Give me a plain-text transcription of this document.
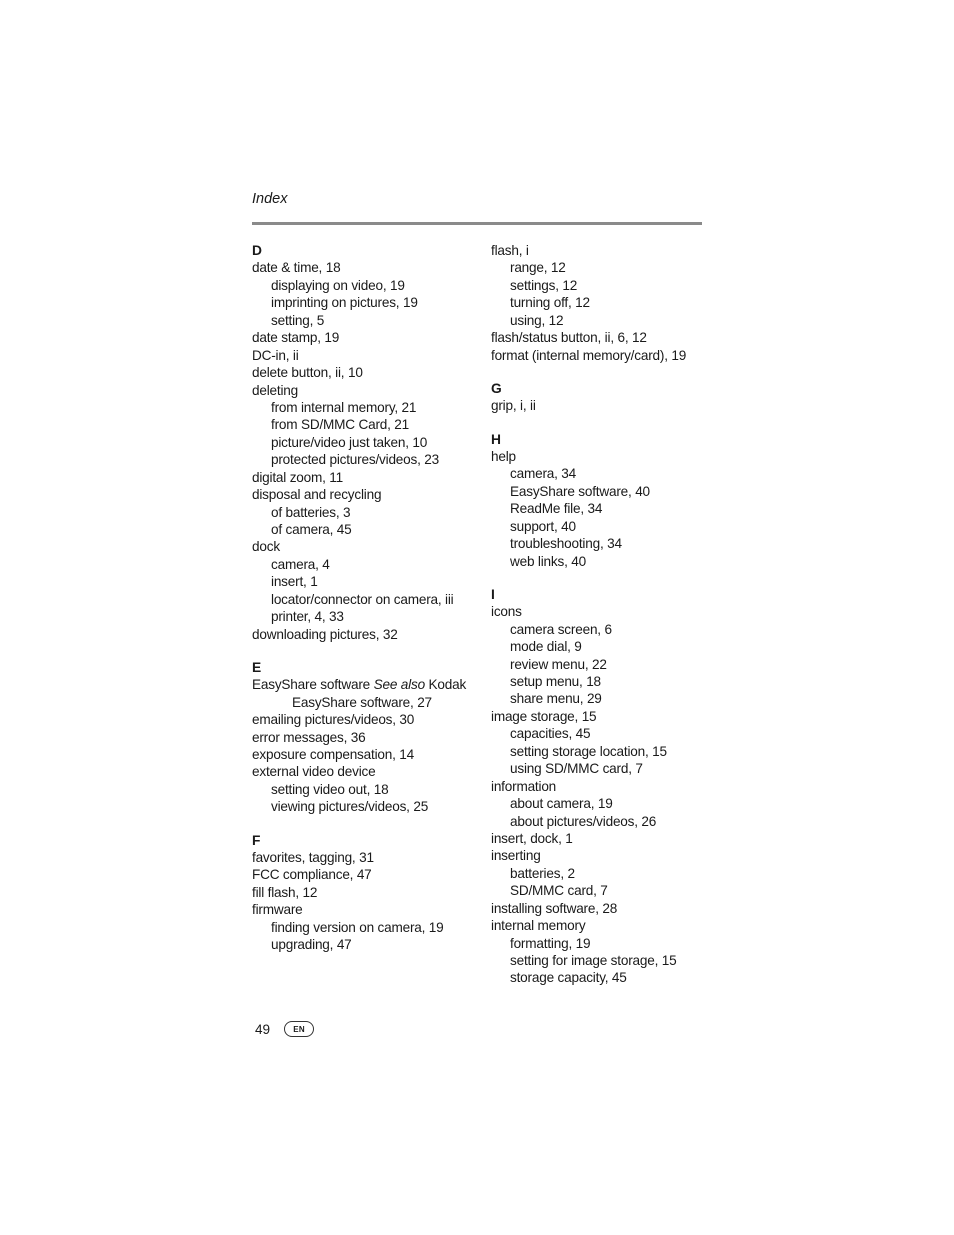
Index
D
date & time, 18
displaying on video, 19
imprinting on pictures, 19
setting, 5
date stamp, 19
DC-in, ii
delete button, ii, 10
deleting
from internal memory, 21
from SD/MMC Card, 21
picture/video just taken, 10
protected pictures/videos, 23
digital zoom, 11
disposal and recycling
of batteries, 3
of camera, 45
dock
camera, 4
insert, 1
locator/connector on camera, iii
printer, 4, 33
downloading pictures, 32
E
EasyShare software See also Kodak
EasyShare software, 27
emailing pictures/videos, 30
error messages, 36
exposure compensation, 14
external video device
setting video out, 18
viewing pictures/videos, 25
F
favorites, tagging, 31
FCC compliance, 47
fill flash, 12
firmware
finding version on camera, 19
upgrading, 47
flash, i
range, 12
settings, 12
turning off, 12
using, 12
flash/status button, ii, 6, 12
format (internal memory/card), 19
G
grip, i, ii
H
help
camera, 34
EasyShare software, 40
ReadMe file, 34
support, 40
troubleshooting, 34
web links, 40
I
icons
camera screen, 6
mode dial, 9
review menu, 22
setup menu, 18
share menu, 29
image storage, 15
capacities, 45
setting storage location, 15
using SD/MMC card, 7
information
about camera, 19
about pictures/videos, 26
insert, dock, 1
inserting
batteries, 2
SD/MMC card, 7
installing software, 28
internal memory
formatting, 19
setting for image storage, 15
storage capacity, 45
49	EN
